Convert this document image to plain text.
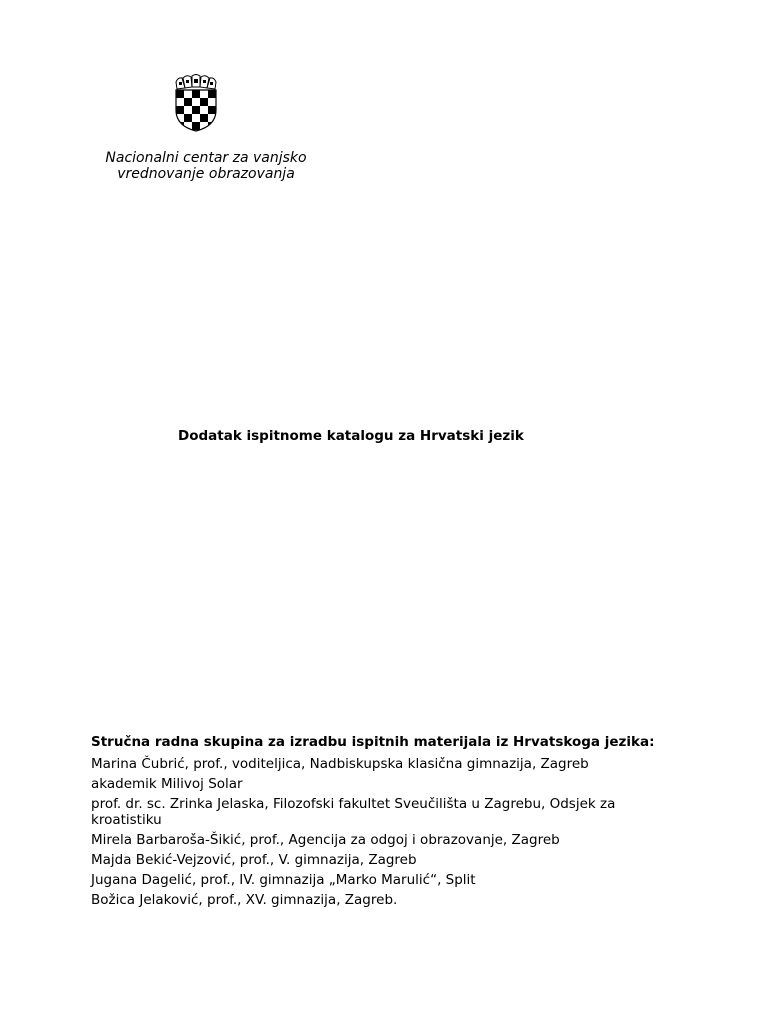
Nacionalni centar za vanjsko
vrednovanje obrazovanja
Dodatak ispitnome katalogu za Hrvatski jezik
Stručna radna skupina za izradbu ispitnih materijala iz Hrvatskoga jezika:
Marina Čubrić, prof., voditeljica, Nadbiskupska klasična gimnazija, Zagreb
akademik Milivoj Solar
prof. dr. sc. Zrinka Jelaska, Filozofski fakultet Sveučilišta u Zagrebu, Odsjek za kroatistiku
Mirela Barbaroša-Šikić, prof., Agencija za odgoj i obrazovanje, Zagreb
Majda Bekić-Vejzović, prof., V. gimnazija, Zagreb
Jugana Dagelić, prof., IV. gimnazija „Marko Marulić“, Split
Božica Jelaković, prof., XV. gimnazija, Zagreb.
